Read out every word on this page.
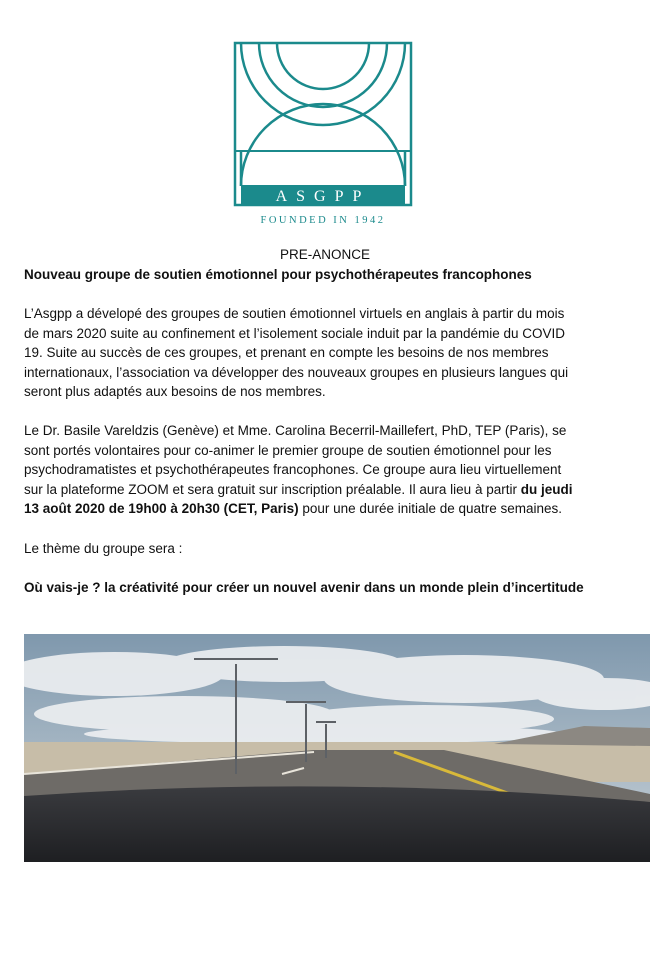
ASGPP
FOUNDED IN 1942
PRE-ANONCE
Nouveau groupe de soutien émotionnel pour psychothérapeutes francophones
L’Asgpp a dévelopé des groupes de soutien émotionnel virtuels en anglais à partir du mois
de mars 2020 suite au confinement et l’isolement sociale induit par la pandémie du COVID
19. Suite au succès de ces groupes, et prenant en compte les besoins de nos membres
internationaux, l’association va développer des nouveaux groupes en plusieurs langues qui
seront plus adaptés aux besoins de nos membres.
Le Dr. Basile Vareldzis (Genève) et Mme. Carolina Becerril-Maillefert, PhD, TEP (Paris), se
sont portés volontaires pour co-animer le premier groupe de soutien émotionnel pour les
psychodramatistes et psychothérapeutes francophones. Ce groupe aura lieu virtuellement
sur la plateforme ZOOM et sera gratuit sur inscription préalable. Il aura lieu à partir du jeudi
13 août 2020 de 19h00 à 20h30 (CET, Paris) pour une durée initiale de quatre semaines.
Le thème du groupe sera :
Où vais-je ? la créativité pour créer un nouvel avenir dans un monde plein d’incertitude
